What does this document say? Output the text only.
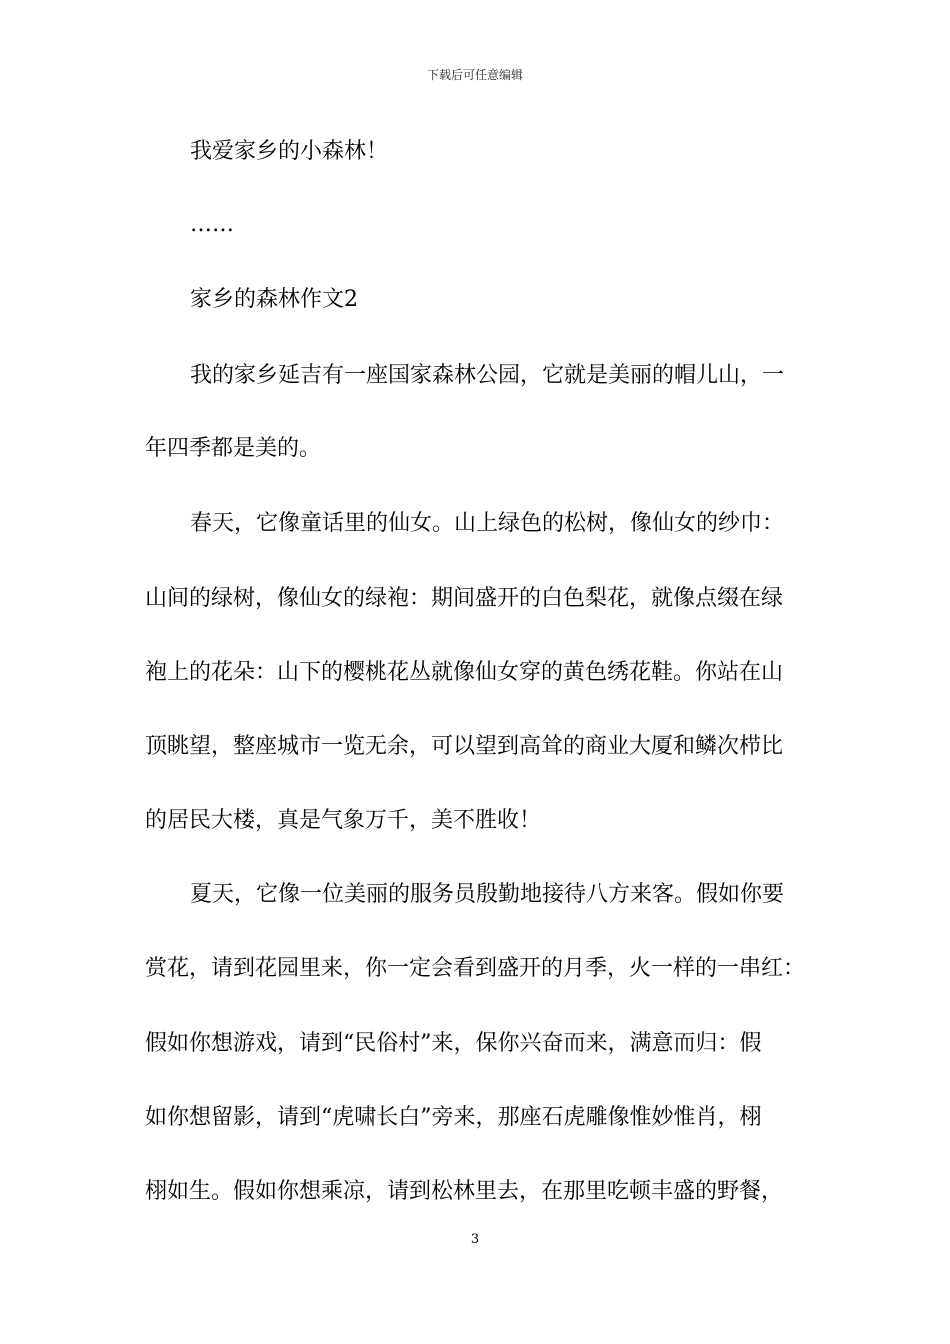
下载后可任意编辑
我爱家乡的小森林！
……
家乡的森林作文2
我的家乡延吉有一座国家森林公园，它就是美丽的帽儿山，一
年四季都是美的。
春天，它像童话里的仙女。山上绿色的松树，像仙女的纱巾：
山间的绿树，像仙女的绿袍：期间盛开的白色梨花，就像点缀在绿
袍上的花朵：山下的樱桃花丛就像仙女穿的黄色绣花鞋。你站在山
顶眺望，整座城市一览无余，可以望到高耸的商业大厦和鳞次栉比
的居民大楼，真是气象万千，美不胜收！
夏天，它像一位美丽的服务员殷勤地接待八方来客。假如你要
赏花，请到花园里来，你一定会看到盛开的月季，火一样的一串红：
假如你想游戏，请到“民俗村”来，保你兴奋而来，满意而归：假
如你想留影，请到“虎啸长白”旁来，那座石虎雕像惟妙惟肖，栩
栩如生。假如你想乘凉，请到松林里去，在那里吃顿丰盛的野餐，
3
